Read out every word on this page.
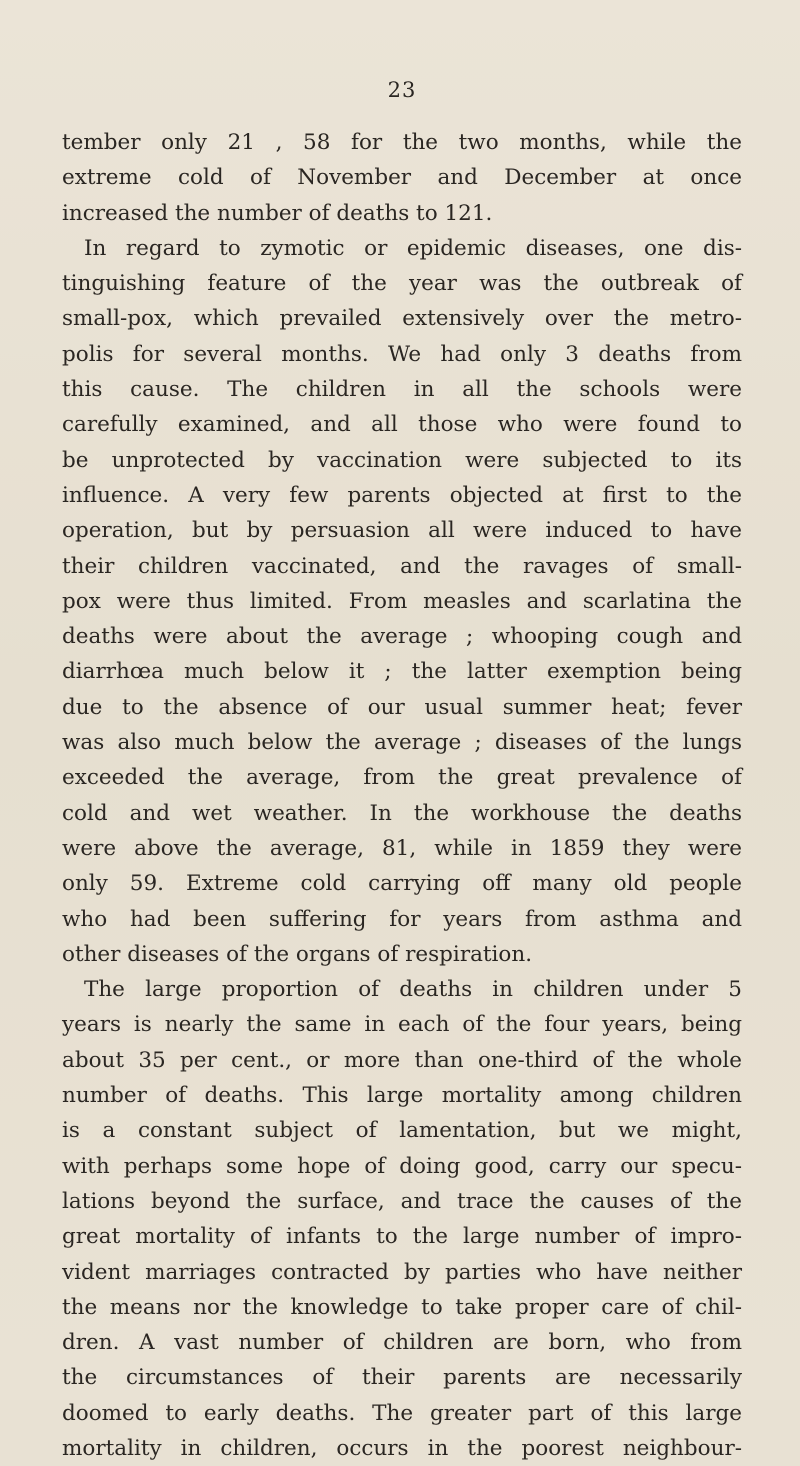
23
tember only 21 , 58 for the two months, while the
extreme cold of November and December at once
increased the number of deaths to 121.
In regard to zymotic or epidemic diseases, one dis-
tinguishing feature of the year was the outbreak of
small-pox, which prevailed extensively over the metro-
polis for several months. We had only 3 deaths from
this cause. The children in all the schools were
carefully examined, and all those who were found to
be unprotected by vaccination were subjected to its
influence. A very few parents objected at first to the
operation, but by persuasion all were induced to have
their children vaccinated, and the ravages of small-
pox were thus limited. From measles and scarlatina the
deaths were about the average ; whooping cough and
diarrhœa much below it ; the latter exemption being
due to the absence of our usual summer heat; fever
was also much below the average ; diseases of the lungs
exceeded the average, from the great prevalence of
cold and wet weather. In the workhouse the deaths
were above the average, 81, while in 1859 they were
only 59. Extreme cold carrying off many old people
who had been suffering for years from asthma and
other diseases of the organs of respiration.
The large proportion of deaths in children under 5
years is nearly the same in each of the four years, being
about 35 per cent., or more than one-third of the whole
number of deaths. This large mortality among children
is a constant subject of lamentation, but we might,
with perhaps some hope of doing good, carry our specu-
lations beyond the surface, and trace the causes of the
great mortality of infants to the large number of impro-
vident marriages contracted by parties who have neither
the means nor the knowledge to take proper care of chil-
dren. A vast number of children are born, who from
the circumstances of their parents are necessarily
doomed to early deaths. The greater part of this large
mortality in children, occurs in the poorest neighbour-
